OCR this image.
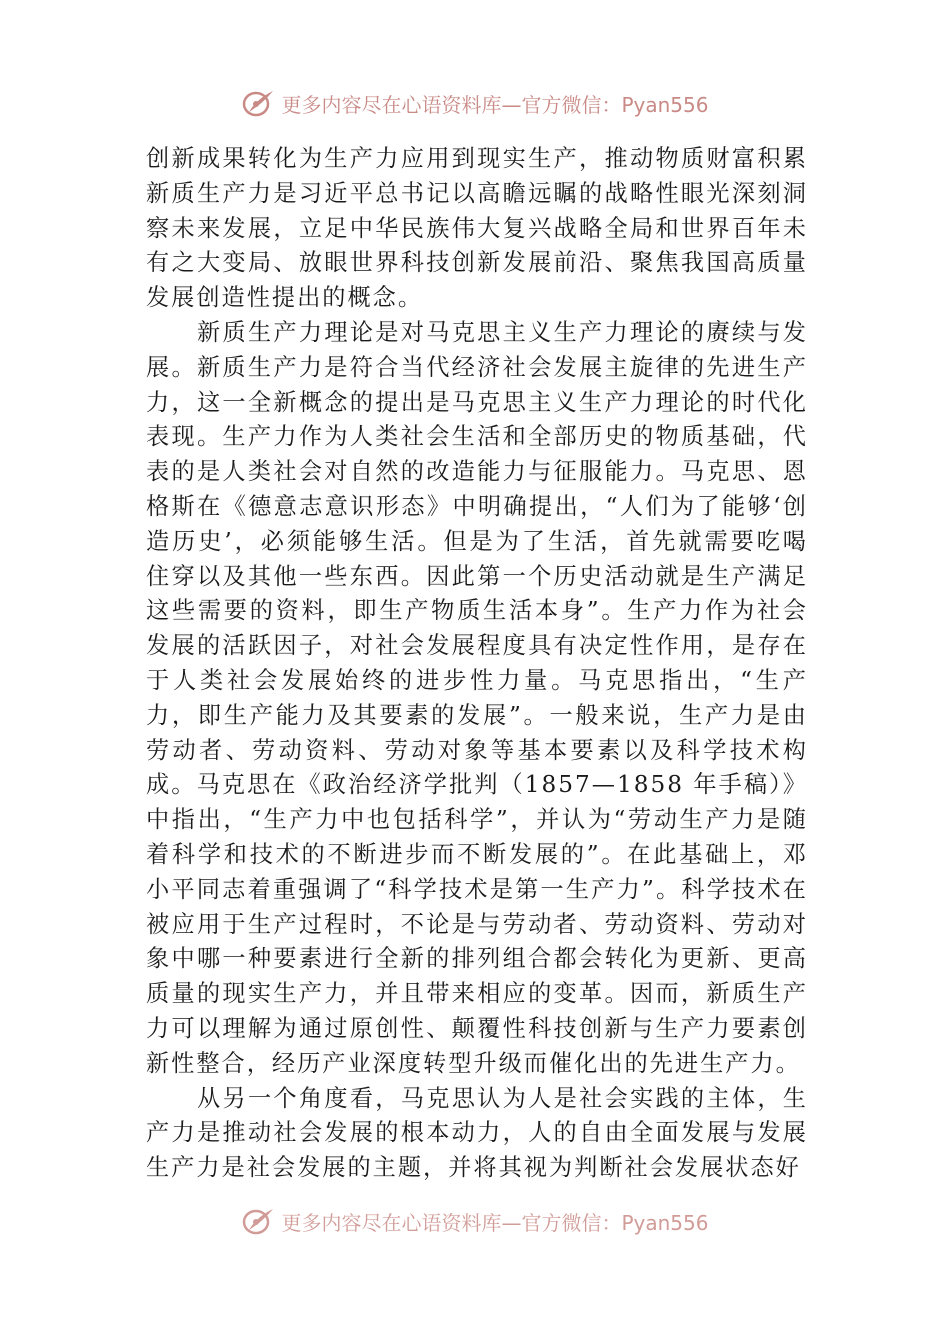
更多内容尽在心语资料库—官方微信：Pyan556

创新成果转化为生产力应用到现实生产，推动物质财富积累新质生产力是习近平总书记以高瞻远瞩的战略性眼光深刻洞察未来发展，立足中华民族伟大复兴战略全局和世界百年未有之大变局、放眼世界科技创新发展前沿、聚焦我国高质量发展创造性提出的概念。

新质生产力理论是对马克思主义生产力理论的赓续与发展。新质生产力是符合当代经济社会发展主旋律的先进生产力，这一全新概念的提出是马克思主义生产力理论的时代化表现。生产力作为人类社会生活和全部历史的物质基础，代表的是人类社会对自然的改造能力与征服能力。马克思、恩格斯在《德意志意识形态》中明确提出，“人们为了能够‘创造历史’，必须能够生活。但是为了生活，首先就需要吃喝住穿以及其他一些东西。因此第一个历史活动就是生产满足这些需要的资料，即生产物质生活本身”。生产力作为社会发展的活跃因子，对社会发展程度具有决定性作用，是存在于人类社会发展始终的进步性力量。马克思指出，“生产力，即生产能力及其要素的发展”。一般来说，生产力是由劳动者、劳动资料、劳动对象等基本要素以及科学技术构成。马克思在《政治经济学批判（1857—1858 年手稿）》中指出，“生产力中也包括科学”，并认为“劳动生产力是随着科学和技术的不断进步而不断发展的”。在此基础上，邓小平同志着重强调了“科学技术是第一生产力”。科学技术在被应用于生产过程时，不论是与劳动者、劳动资料、劳动对象中哪一种要素进行全新的排列组合都会转化为更新、更高质量的现实生产力，并且带来相应的变革。因而，新质生产力可以理解为通过原创性、颠覆性科技创新与生产力要素创新性整合，经历产业深度转型升级而催化出的先进生产力。

从另一个角度看，马克思认为人是社会实践的主体，生产力是推动社会发展的根本动力，人的自由全面发展与发展生产力是社会发展的主题，并将其视为判断社会发展状态好

更多内容尽在心语资料库—官方微信：Pyan556
